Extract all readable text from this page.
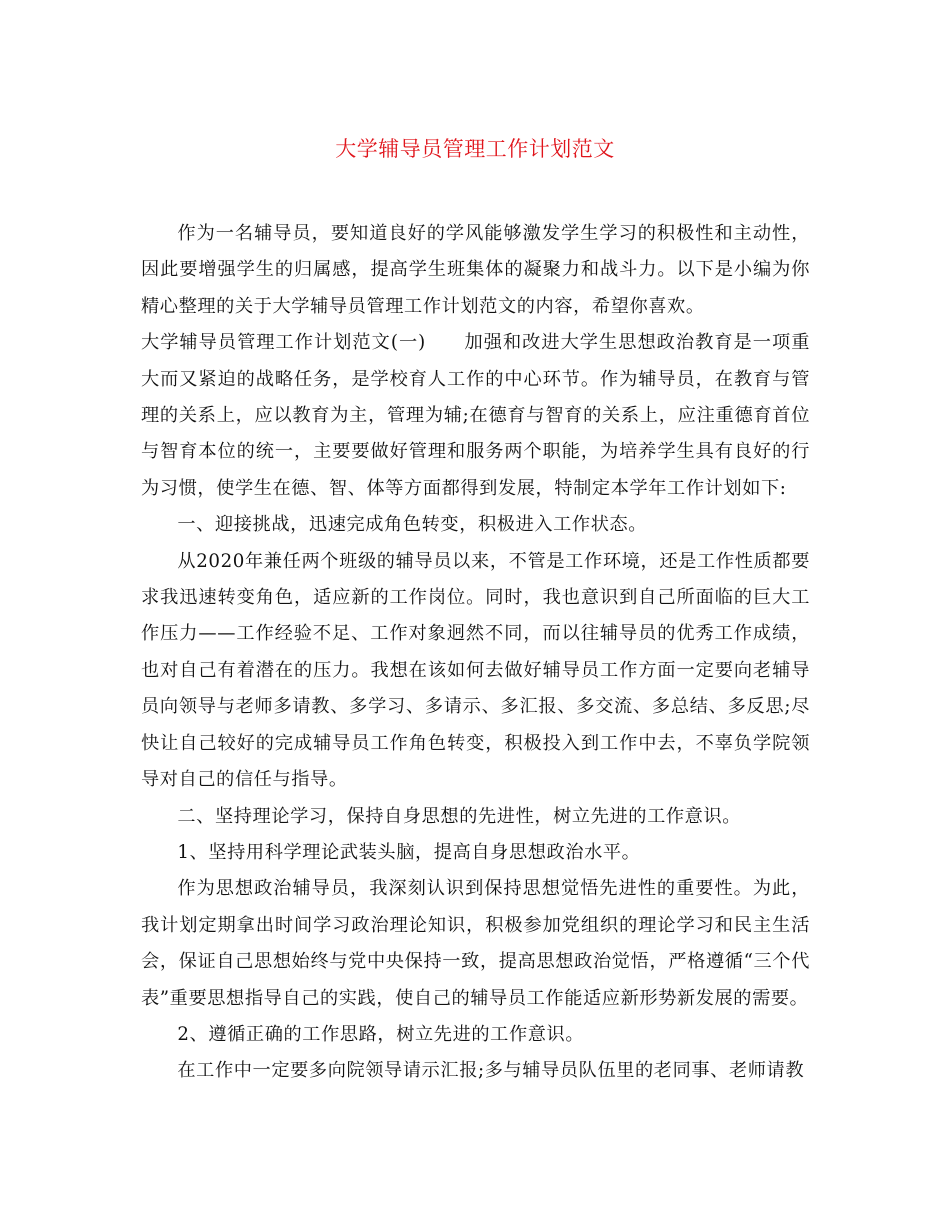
大学辅导员管理工作计划范文

作为一名辅导员，要知道良好的学风能够激发学生学习的积极性和主动性，因此要增强学生的归属感，提高学生班集体的凝聚力和战斗力。以下是小编为你精心整理的关于大学辅导员管理工作计划范文的内容，希望你喜欢。

大学辅导员管理工作计划范文(一) 加强和改进大学生思想政治教育是一项重大而又紧迫的战略任务，是学校育人工作的中心环节。作为辅导员，在教育与管理的关系上，应以教育为主，管理为辅;在德育与智育的关系上，应注重德育首位与智育本位的统一，主要要做好管理和服务两个职能，为培养学生具有良好的行为习惯，使学生在德、智、体等方面都得到发展，特制定本学年工作计划如下:

一、迎接挑战，迅速完成角色转变，积极进入工作状态。

从2020年兼任两个班级的辅导员以来，不管是工作环境，还是工作性质都要求我迅速转变角色，适应新的工作岗位。同时，我也意识到自己所面临的巨大工作压力——工作经验不足、工作对象迥然不同，而以往辅导员的优秀工作成绩，也对自己有着潜在的压力。我想在该如何去做好辅导员工作方面一定要向老辅导员向领导与老师多请教、多学习、多请示、多汇报、多交流、多总结、多反思;尽快让自己较好的完成辅导员工作角色转变，积极投入到工作中去，不辜负学院领导对自己的信任与指导。

二、坚持理论学习，保持自身思想的先进性，树立先进的工作意识。

1、坚持用科学理论武装头脑，提高自身思想政治水平。

作为思想政治辅导员，我深刻认识到保持思想觉悟先进性的重要性。为此，我计划定期拿出时间学习政治理论知识，积极参加党组织的理论学习和民主生活会，保证自己思想始终与党中央保持一致，提高思想政治觉悟，严格遵循“三个代表”重要思想指导自己的实践，使自己的辅导员工作能适应新形势新发展的需要。

2、遵循正确的工作思路，树立先进的工作意识。

在工作中一定要多向院领导请示汇报;多与辅导员队伍里的老同事、老师请教
